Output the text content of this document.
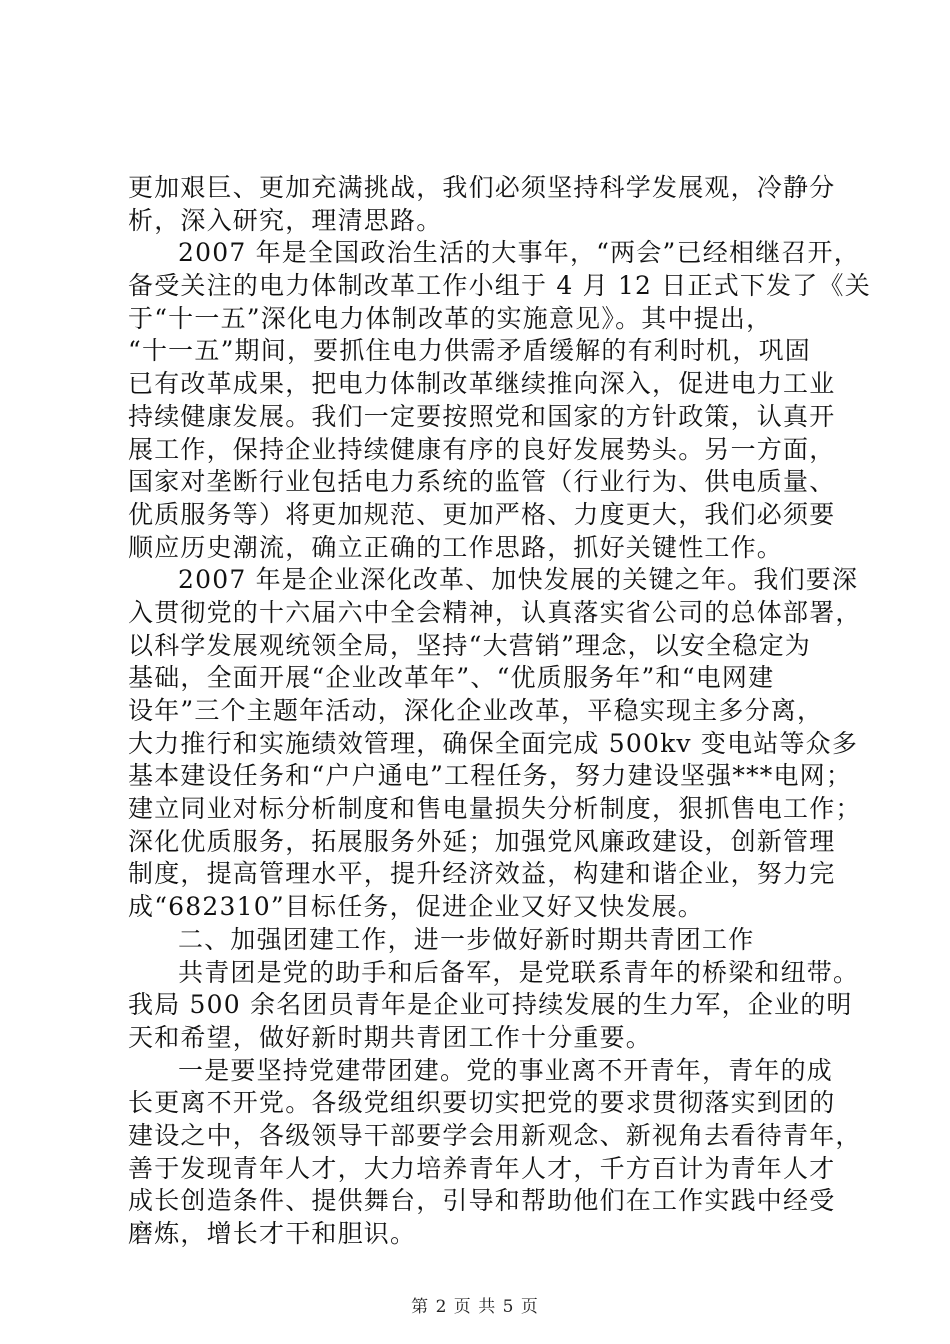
更加艰巨、更加充满挑战，我们必须坚持科学发展观，冷静分
析，深入研究，理清思路。
2007 年是全国政治生活的大事年，“两会”已经相继召开，
备受关注的电力体制改革工作小组于 4 月 12 日正式下发了《关
于“十一五”深化电力体制改革的实施意见》。其中提出，
“十一五”期间，要抓住电力供需矛盾缓解的有利时机，巩固
已有改革成果，把电力体制改革继续推向深入，促进电力工业
持续健康发展。我们一定要按照党和国家的方针政策，认真开
展工作，保持企业持续健康有序的良好发展势头。另一方面，
国家对垄断行业包括电力系统的监管（行业行为、供电质量、
优质服务等）将更加规范、更加严格、力度更大，我们必须要
顺应历史潮流，确立正确的工作思路，抓好关键性工作。
2007 年是企业深化改革、加快发展的关键之年。我们要深
入贯彻党的十六届六中全会精神，认真落实省公司的总体部署，
以科学发展观统领全局，坚持“大营销”理念，以安全稳定为
基础，全面开展“企业改革年”、“优质服务年”和“电网建
设年”三个主题年活动，深化企业改革，平稳实现主多分离，
大力推行和实施绩效管理，确保全面完成 500kv 变电站等众多
基本建设任务和“户户通电”工程任务，努力建设坚强***电网；
建立同业对标分析制度和售电量损失分析制度，狠抓售电工作；
深化优质服务，拓展服务外延；加强党风廉政建设，创新管理
制度，提高管理水平，提升经济效益，构建和谐企业，努力完
成“682310”目标任务，促进企业又好又快发展。
二、加强团建工作，进一步做好新时期共青团工作
共青团是党的助手和后备军，是党联系青年的桥梁和纽带。
我局 500 余名团员青年是企业可持续发展的生力军，企业的明
天和希望，做好新时期共青团工作十分重要。
一是要坚持党建带团建。党的事业离不开青年，青年的成
长更离不开党。各级党组织要切实把党的要求贯彻落实到团的
建设之中，各级领导干部要学会用新观念、新视角去看待青年，
善于发现青年人才，大力培养青年人才，千方百计为青年人才
成长创造条件、提供舞台，引导和帮助他们在工作实践中经受
磨炼，增长才干和胆识。
第 2 页 共 5 页
